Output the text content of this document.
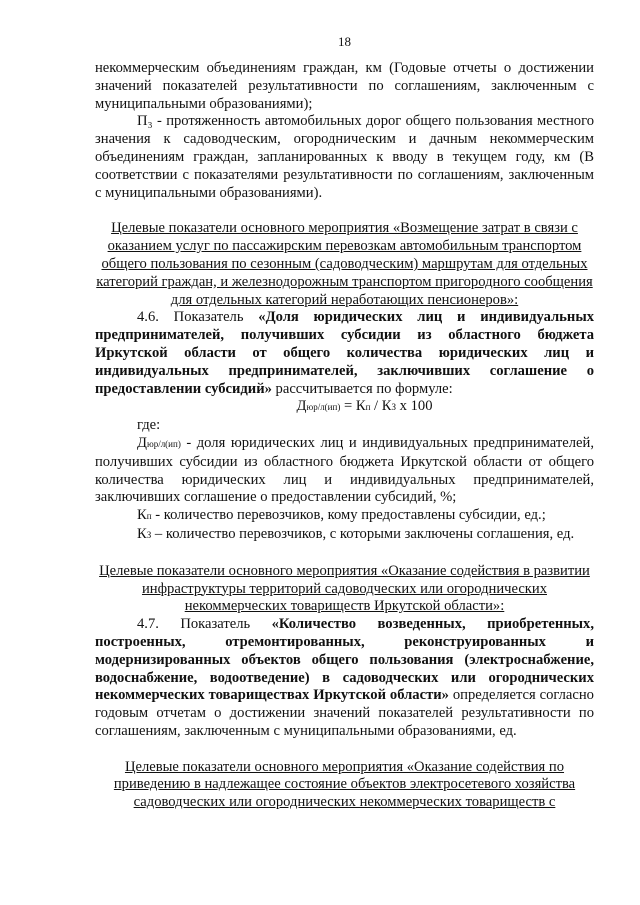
18

некоммерческим объединениям граждан, км (Годовые отчеты о достижении значений показателей результативности по соглашениям, заключенным с муниципальными образованиями);

П₃ - протяженность автомобильных дорог общего пользования местного значения к садоводческим, огородническим и дачным некоммерческим объединениям граждан, запланированных к вводу в текущем году, км (В соответствии с показателями результативности по соглашениям, заключенным с муниципальными образованиями).

Целевые показатели основного мероприятия «Возмещение затрат в связи с оказанием услуг по пассажирским перевозкам автомобильным транспортом общего пользования по сезонным (садоводческим) маршрутам для отдельных категорий граждан, и железнодорожным транспортом пригородного сообщения для отдельных категорий неработающих пенсионеров»:

4.6. Показатель «Доля юридических лиц и индивидуальных предпринимателей, получивших субсидии из областного бюджета Иркутской области от общего количества юридических лиц и индивидуальных предпринимателей, заключивших соглашение о предоставлении субсидий» рассчитывается по формуле:

Дюр/л(ип) = Кп / КЗ х 100

где:

Дюр/л(ип) - доля юридических лиц и индивидуальных предпринимателей, получивших субсидии из областного бюджета Иркутской области от общего количества юридических лиц и индивидуальных предпринимателей, заключивших соглашение о предоставлении субсидий, %;

Кп - количество перевозчиков, кому предоставлены субсидии, ед.;

КЗ – количество перевозчиков, с которыми заключены соглашения, ед.

Целевые показатели основного мероприятия «Оказание содействия в развитии инфраструктуры территорий садоводческих или огороднических некоммерческих товариществ Иркутской области»:

4.7. Показатель «Количество возведенных, приобретенных, построенных, отремонтированных, реконструированных и модернизированных объектов общего пользования (электроснабжение, водоснабжение, водоотведение) в садоводческих или огороднических некоммерческих товариществах Иркутской области» определяется согласно годовым отчетам о достижении значений показателей результативности по соглашениям, заключенным с муниципальными образованиями, ед.

Целевые показатели основного мероприятия «Оказание содействия по приведению в надлежащее состояние объектов электросетевого хозяйства садоводческих или огороднических некоммерческих товариществ с
